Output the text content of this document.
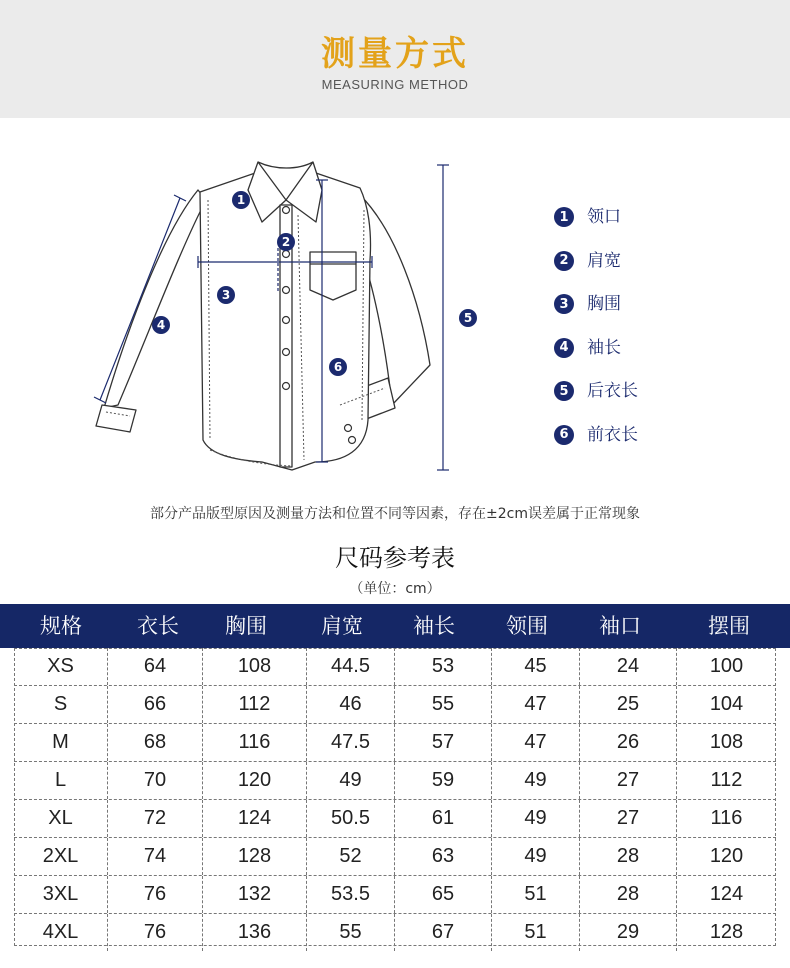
测量方式
MEASURING METHOD
1
2
3
4	5
6
1	领口
2	肩宽
3	胸围
4	袖长
5	后衣长
6	前衣长
部分产品版型原因及测量方法和位置不同等因素，存在±2cm误差属于正常现象
尺码参考表
（单位：cm）
规格	衣长	胸围	肩宽	袖长	领围	袖口	摆围
XS	64	108	44.5	53	45	24	100
S	66	112	46	55	47	25	104
M	68	116	47.5	57	47	26	108
L	70	120	49	59	49	27	112
XL	72	124	50.5	61	49	27	116
2XL	74	128	52	63	49	28	120
3XL	76	132	53.5	65	51	28	124
4XL	76	136	55	67	51	29	128
